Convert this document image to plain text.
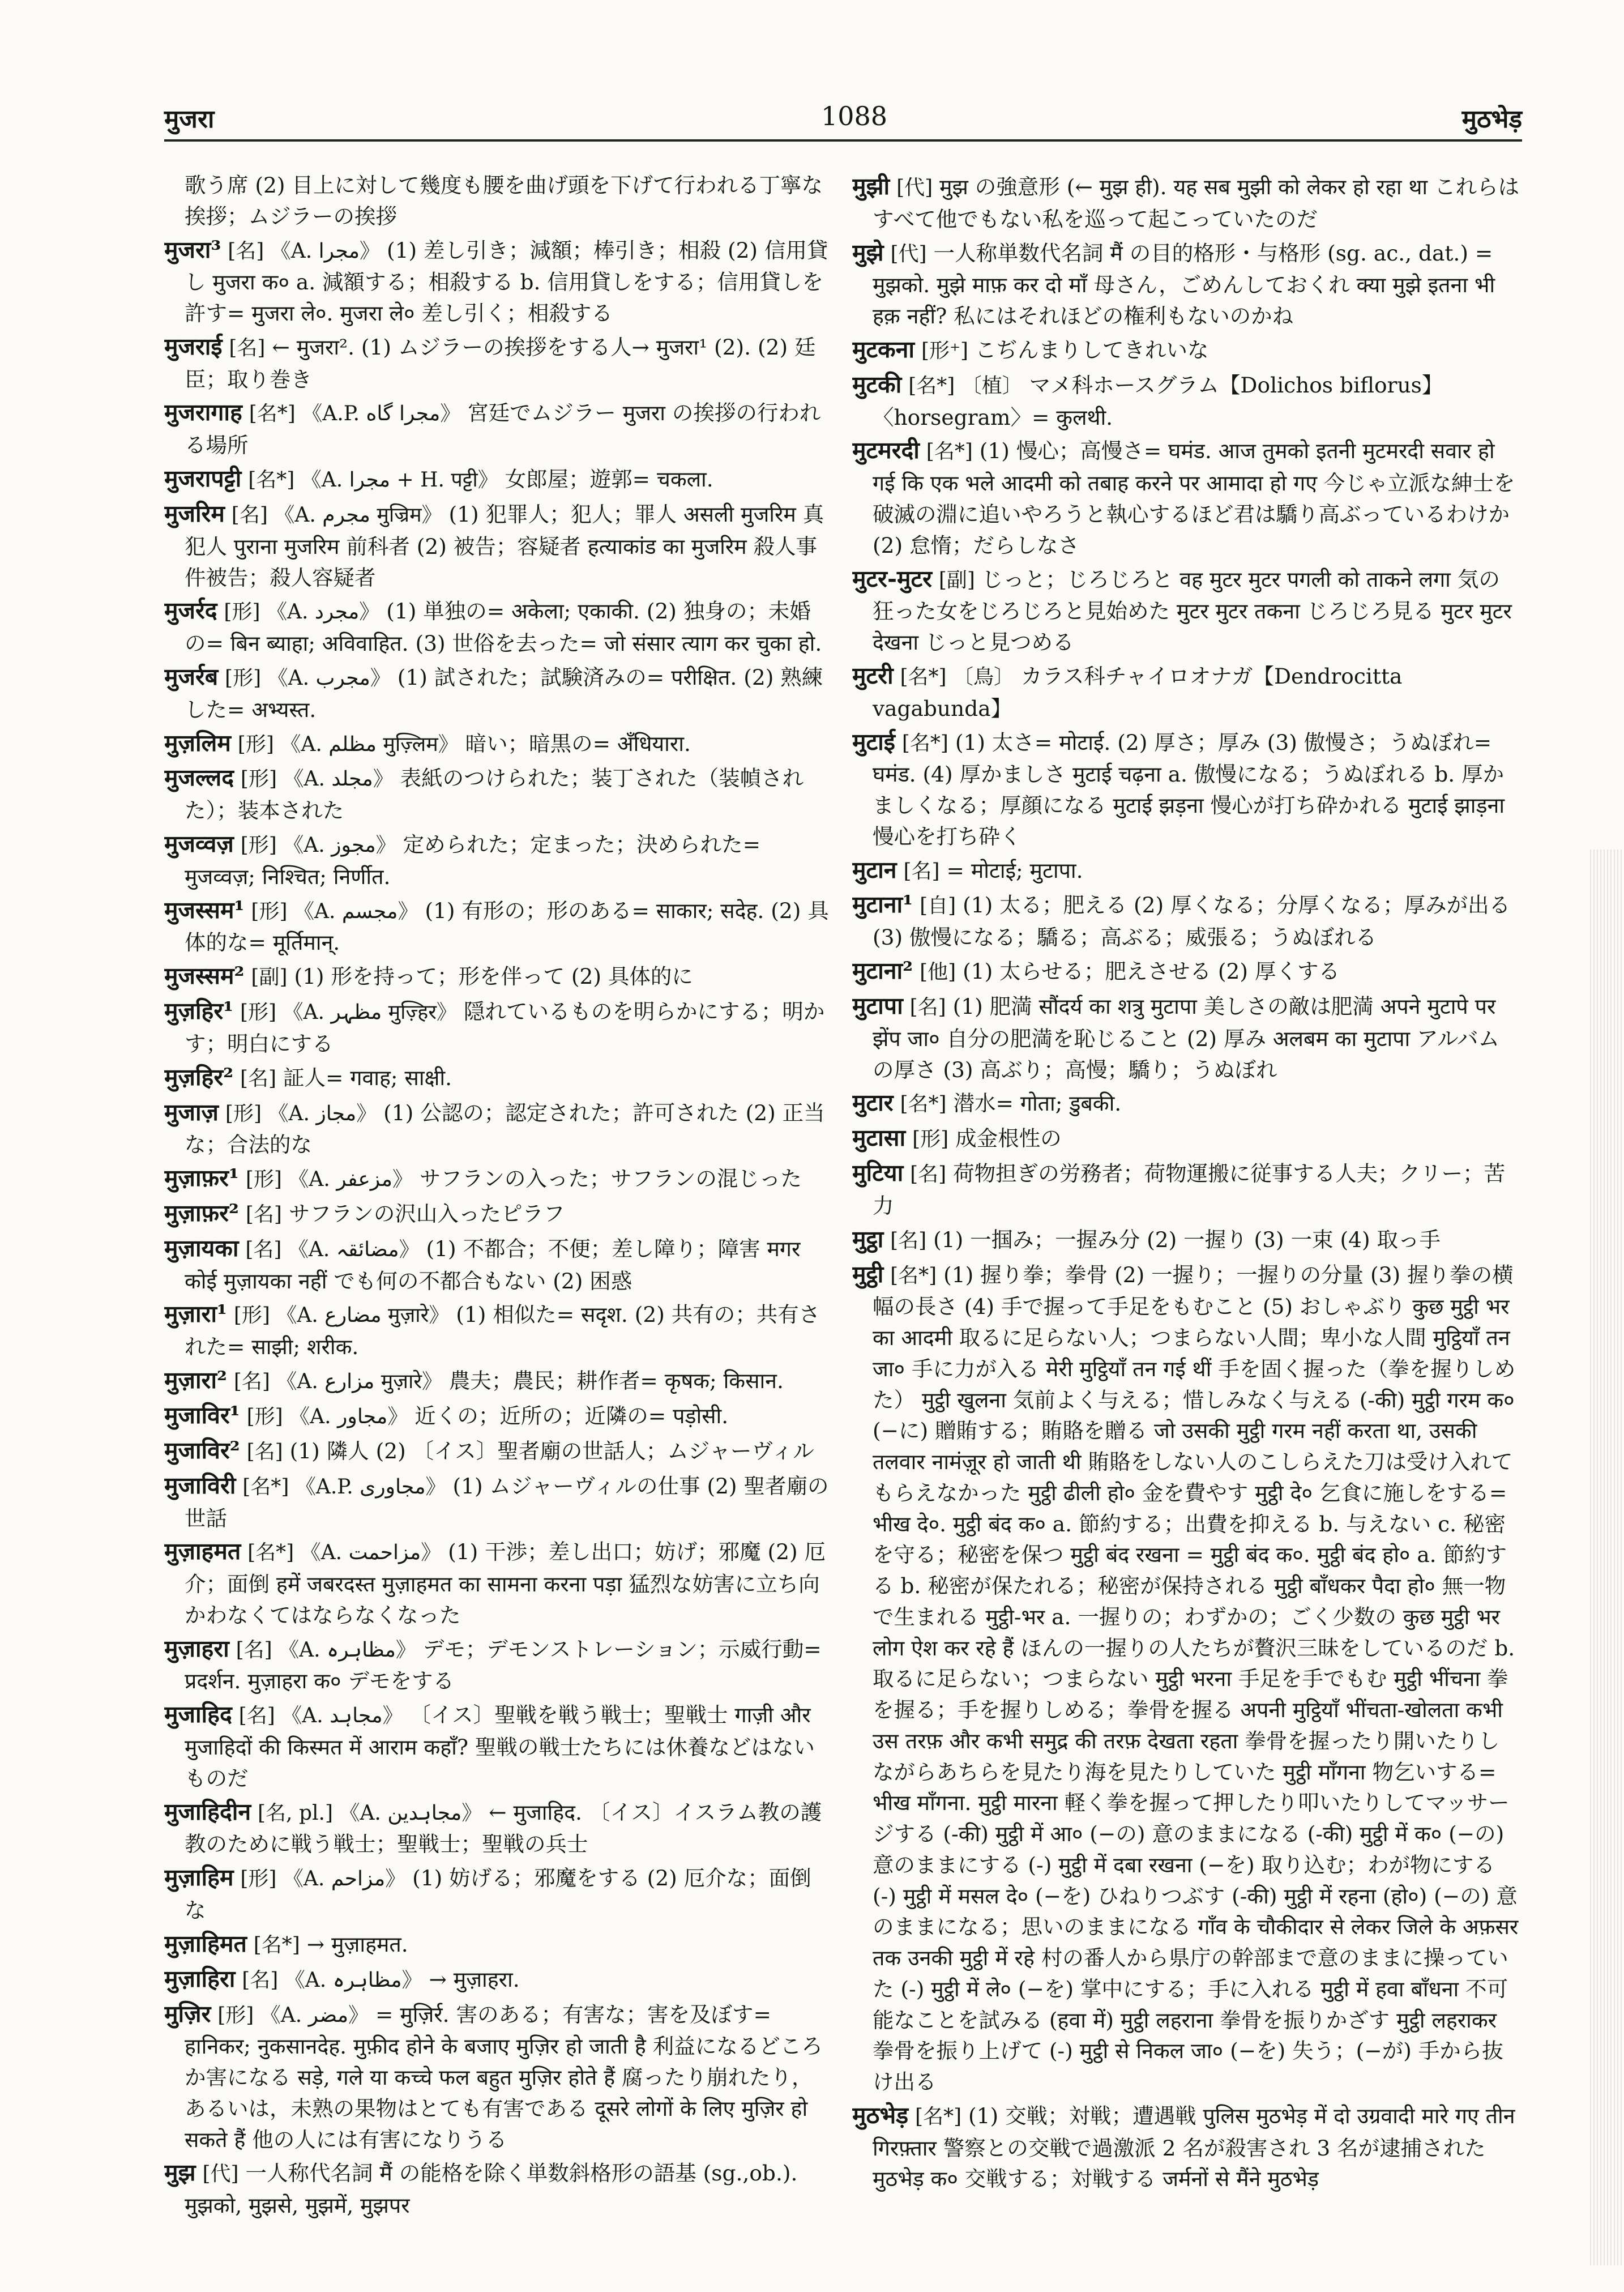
मुजरा	1088	मुठभेड़
歌う席 (2) 目上に対して幾度も腰を曲げ頭を下げて行われる丁寧な挨拶；ムジラーの挨拶
मुजरा³ [名] 《A. مجرا》 (1) 差し引き；減額；棒引き；相殺 (2) 信用貸し मुजरा क० a. 減額する；相殺する b. 信用貸しをする；信用貸しを許す= मुजरा ले०. मुजरा ले० 差し引く；相殺する
मुजराई [名] ← मुजरा². (1) ムジラーの挨拶をする人→ मुजरा¹ (2). (2) 廷臣；取り巻き
मुजरागाह [名*] 《A.P. مجرا گاه》 宮廷でムジラー मुजरा の挨拶の行われる場所
मुजरापट्टी [名*] 《A. مجرا + H. पट्टी》 女郎屋；遊郭= चकला.
मुजरिम [名] 《A. مجرم मुज्रिम》 (1) 犯罪人；犯人；罪人 असली मुजरिम 真犯人 पुराना मुजरिम 前科者 (2) 被告；容疑者 हत्याकांड का मुजरिम 殺人事件被告；殺人容疑者
मुजर्रद [形] 《A. مجرد》 (1) 単独の= अकेला; एकाकी. (2) 独身の；未婚の= बिन ब्याहा; अविवाहित. (3) 世俗を去った= जो संसार त्याग कर चुका हो.
मुजर्रब [形] 《A. مجرب》 (1) 試された；試験済みの= परीक्षित. (2) 熟練した= अभ्यस्त.
मुज़लिम [形] 《A. مظلم मुज़्लिम》 暗い；暗黒の= अँधियारा.
मुजल्लद [形] 《A. مجلد》 表紙のつけられた；装丁された（装幀された）；装本された
मुजव्वज़ [形] 《A. مجوز》 定められた；定まった；決められた= मुजव्वज़; निश्चित; निर्णीत.
मुजस्सम¹ [形] 《A. مجسم》 (1) 有形の；形のある= साकार; सदेह. (2) 具体的な= मूर्तिमान्.
मुजस्सम² [副] (1) 形を持って；形を伴って (2) 具体的に
मुज़हिर¹ [形] 《A. مظہر मुज़्हिर》 隠れているものを明らかにする；明かす；明白にする
मुज़हिर² [名] 証人= गवाह; साक्षी.
मुजाज़ [形] 《A. مجاز》 (1) 公認の；認定された；許可された (2) 正当な；合法的な
मुज़ाफ़र¹ [形] 《A. مزعفر》 サフランの入った；サフランの混じった
मुज़ाफ़र² [名] サフランの沢山入ったピラフ
मुज़ायका [名] 《A. مضائقہ》 (1) 不都合；不便；差し障り；障害 मगर कोई मुज़ायका नहीं でも何の不都合もない (2) 困惑
मुज़ारा¹ [形] 《A. مضارع मुज़ारे》 (1) 相似た= सदृश. (2) 共有の；共有された= साझी; शरीक.
मुज़ारा² [名] 《A. مزارع मुज़ारे》 農夫；農民；耕作者= कृषक; किसान.
मुजाविर¹ [形] 《A. مجاور》 近くの；近所の；近隣の= पड़ोसी.
मुजाविर² [名] (1) 隣人 (2) 〔イス〕聖者廟の世話人；ムジャーヴィル
मुजाविरी [名*] 《A.P. مجاوری》 (1) ムジャーヴィルの仕事 (2) 聖者廟の世話
मुज़ाहमत [名*] 《A. مزاحمت》 (1) 干渉；差し出口；妨げ；邪魔 (2) 厄介；面倒 हमें जबरदस्त मुज़ाहमत का सामना करना पड़ा 猛烈な妨害に立ち向かわなくてはならなくなった
मुज़ाहरा [名] 《A. مظاہرہ》 デモ；デモンストレーション；示威行動= प्रदर्शन. मुज़ाहरा क० デモをする
मुजाहिद [名] 《A. مجاہد》 〔イス〕聖戦を戦う戦士；聖戦士 गाज़ी और मुजाहिदों की किस्मत में आराम कहाँ? 聖戦の戦士たちには休養などはないものだ
मुजाहिदीन [名, pl.] 《A. مجاہدین》 ← मुजाहिद. 〔イス〕イスラム教の護教のために戦う戦士；聖戦士；聖戦の兵士
मुज़ाहिम [形] 《A. مزاحم》 (1) 妨げる；邪魔をする (2) 厄介な；面倒な
मुज़ाहिमत [名*] → मुज़ाहमत.
मुज़ाहिरा [名] 《A. مظاہرہ》 → मुज़ाहरा.
मुज़िर [形] 《A. مضر》 = मुज़िर्र. 害のある；有害な；害を及ぼす= हानिकर; नुकसानदेह. मुफ़ीद होने के बजाए मुज़िर हो जाती है 利益になるどころか害になる सड़े, गले या कच्चे फल बहुत मुज़िर होते हैं 腐ったり崩れたり，あるいは，未熟の果物はとても有害である दूसरे लोगों के लिए मुज़िर हो सकते हैं 他の人には有害になりうる
मुझ [代] 一人称代名詞 मैं の能格を除く単数斜格形の語基 (sg.,ob.). मुझको, मुझसे, मुझमें, मुझपर
मुझी [代] मुझ の強意形 (← मुझ ही). यह सब मुझी को लेकर हो रहा था これらはすべて他でもない私を巡って起こっていたのだ
मुझे [代] 一人称単数代名詞 मैं の目的格形・与格形 (sg. ac., dat.) = मुझको. मुझे माफ़ कर दो माँ 母さん，ごめんしておくれ क्या मुझे इतना भी हक़ नहीं? 私にはそれほどの権利もないのかね
मुटकना [形⁺] こぢんまりしてきれいな
मुटकी [名*] 〔植〕 マメ科ホースグラム【Dolichos biflorus】〈horsegram〉= कुलथी.
मुटमरदी [名*] (1) 慢心；高慢さ= घमंड. आज तुमको इतनी मुटमरदी सवार हो गई कि एक भले आदमी को तबाह करने पर आमादा हो गए 今じゃ立派な紳士を破滅の淵に追いやろうと執心するほど君は驕り高ぶっているわけか (2) 怠惰；だらしなさ
मुटर-मुटर [副] じっと；じろじろと वह मुटर मुटर पगली को ताकने लगा 気の狂った女をじろじろと見始めた मुटर मुटर तकना じろじろ見る मुटर मुटर देखना じっと見つめる
मुटरी [名*] 〔鳥〕 カラス科チャイロオナガ【Dendrocitta vagabunda】
मुटाई [名*] (1) 太さ= मोटाई. (2) 厚さ；厚み (3) 傲慢さ；うぬぼれ= घमंड. (4) 厚かましさ मुटाई चढ़ना a. 傲慢になる；うぬぼれる b. 厚かましくなる；厚顔になる मुटाई झड़ना 慢心が打ち砕かれる मुटाई झाड़ना 慢心を打ち砕く
मुटान [名] = मोटाई; मुटापा.
मुटाना¹ [自] (1) 太る；肥える (2) 厚くなる；分厚くなる；厚みが出る (3) 傲慢になる；驕る；高ぶる；威張る；うぬぼれる
मुटाना² [他] (1) 太らせる；肥えさせる (2) 厚くする
मुटापा [名] (1) 肥満 सौंदर्य का शत्रु मुटापा 美しさの敵は肥満 अपने मुटापे पर झेंप जा० 自分の肥満を恥じること (2) 厚み अलबम का मुटापा アルバムの厚さ (3) 高ぶり；高慢；驕り；うぬぼれ
मुटार [名*] 潜水= गोता; डुबकी.
मुटासा [形] 成金根性の
मुटिया [名] 荷物担ぎの労務者；荷物運搬に従事する人夫；クリー；苦力
मुट्ठा [名] (1) 一掴み；一握み分 (2) 一握り (3) 一束 (4) 取っ手
मुट्ठी [名*] (1) 握り拳；拳骨 (2) 一握り；一握りの分量 (3) 握り拳の横幅の長さ (4) 手で握って手足をもむこと (5) おしゃぶり कुछ मुट्ठी भर का आदमी 取るに足らない人；つまらない人間；卑小な人間 मुट्ठियाँ तन जा० 手に力が入る मेरी मुट्ठियाँ तन गई थीं 手を固く握った（拳を握りしめた） मुट्ठी खुलना 気前よく与える；惜しみなく与える (-की) मुट्ठी गरम क० (−に) 贈賄する；賄賂を贈る जो उसकी मुट्ठी गरम नहीं करता था, उसकी तलवार नामंज़ूर हो जाती थी 賄賂をしない人のこしらえた刀は受け入れてもらえなかった मुट्ठी ढीली हो० 金を費やす मुट्ठी दे० 乞食に施しをする= भीख दे०. मुट्ठी बंद क० a. 節約する；出費を抑える b. 与えない c. 秘密を守る；秘密を保つ मुट्ठी बंद रखना = मुट्ठी बंद क०. मुट्ठी बंद हो० a. 節約する b. 秘密が保たれる；秘密が保持される मुट्ठी बाँधकर पैदा हो० 無一物で生まれる मुट्ठी-भर a. 一握りの；わずかの；ごく少数の कुछ मुट्ठी भर लोग ऐश कर रहे हैं ほんの一握りの人たちが贅沢三昧をしているのだ b. 取るに足らない；つまらない मुट्ठी भरना 手足を手でもむ मुट्ठी भींचना 拳を握る；手を握りしめる；拳骨を握る अपनी मुट्ठियाँ भींचता-खोलता कभी उस तरफ़ और कभी समुद्र की तरफ़ देखता रहता 拳骨を握ったり開いたりしながらあちらを見たり海を見たりしていた मुट्ठी माँगना 物乞いする= भीख माँगना. मुट्ठी मारना 軽く拳を握って押したり叩いたりしてマッサージする (-की) मुट्ठी में आ० (−の) 意のままになる (-की) मुट्ठी में क० (−の) 意のままにする (-) मुट्ठी में दबा रखना (−を) 取り込む；わが物にする (-) मुट्ठी में मसल दे० (−を) ひねりつぶす (-की) मुट्ठी में रहना (हो०) (−の) 意のままになる；思いのままになる गाँव के चौकीदार से लेकर जिले के अफ़सर तक उनकी मुट्ठी में रहे 村の番人から県庁の幹部まで意のままに操っていた (-) मुट्ठी में ले० (−を) 掌中にする；手に入れる मुट्ठी में हवा बाँधना 不可能なことを試みる (हवा में) मुट्ठी लहराना 拳骨を振りかざす मुट्ठी लहराकर 拳骨を振り上げて (-) मुट्ठी से निकल जा० (−を) 失う；(−が) 手から抜け出る
मुठभेड़ [名*] (1) 交戦；対戦；遭遇戦 पुलिस मुठभेड़ में दो उग्रवादी मारे गए तीन गिरफ़्तार 警察との交戦で過激派 2 名が殺害され 3 名が逮捕された मुठभेड़ क० 交戦する；対戦する जर्मनों से मैंने मुठभेड़
